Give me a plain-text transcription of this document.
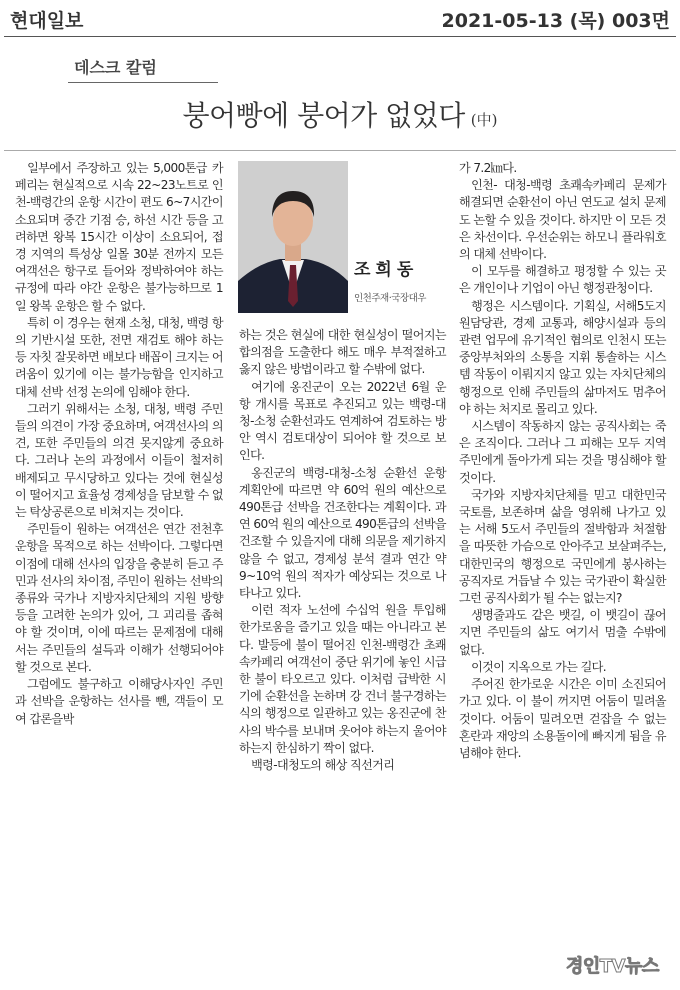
현대일보	2021-05-13 (목) 003면
데스크 칼럼
붕어빵에 붕어가 없었다 (中)

일부에서 주장하고 있는 5,000톤급 카페리는 현실적으로 시속 22~23노트로 인천-백령간의 운항 시간이 편도 6~7시간이 소요되며 중간 기점 승, 하선 시간 등을 고려하면 왕복 15시간 이상이 소요되어, 접경 지역의 특성상 일몰 30분 전까지 모든 여객선은 항구로 들어와 정박하여야 하는 규정에 따라 야간 운항은 불가능하므로 1일 왕복 운항은 할 수 없다.

특히 이 경우는 현재 소청, 대청, 백령 항의 기반시설 또한, 전면 재검토 해야 하는 등 자칫 잘못하면 배보다 배꼽이 크지는 어려움이 있기에 이는 불가능함을 인지하고 대체 선박 선정 논의에 임해야 한다.

그러기 위해서는 소청, 대청, 백령 주민들의 의견이 가장 중요하며, 여객선사의 의견, 또한 주민들의 의견 못지않게 중요하다. 그러나 논의 과정에서 이들이 철저히 배제되고 무시당하고 있다는 것에 현실성이 떨어지고 효율성 경제성을 담보할 수 없는 탁상공론으로 비쳐지는 것이다.

주민들이 원하는 여객선은 연간 전천후 운항을 목적으로 하는 선박이다. 그렇다면 이점에 대해 선사의 입장을 충분히 듣고 주민과 선사의 차이점, 주민이 원하는 선박의 종류와 국가나 지방자치단체의 지원 방향 등을 고려한 논의가 있어, 그 괴리를 좁혀야 할 것이며, 이에 따르는 문제점에 대해서는 주민들의 설득과 이해가 선행되어야 할 것으로 본다.

그럼에도 불구하고 이해당사자인 주민과 선박을 운항하는 선사를 뺀, 객들이 모여 갑론을박

조희동
인천주재·국장대우

하는 것은 현실에 대한 현실성이 떨어지는 합의점을 도출한다 해도 매우 부적절하고 옳지 않은 방법이라고 할 수밖에 없다.

여기에 옹진군이 오는 2022년 6월 운항 개시를 목표로 추진되고 있는 백령-대청-소청 순환선과도 연계하여 검토하는 방안 역시 검토대상이 되어야 할 것으로 보인다.

옹진군의 백령-대청-소청 순환선 운항 계획안에 따르면 약 60억 원의 예산으로 490톤급 선박을 건조한다는 계획이다. 과연 60억 원의 예산으로 490톤급의 선박을 건조할 수 있을지에 대해 의문을 제기하지 않을 수 없고, 경제성 분석 결과 연간 약 9~10억 원의 적자가 예상되는 것으로 나타나고 있다.

이런 적자 노선에 수십억 원을 투입해 한가로움을 즐기고 있을 때는 아니라고 본다. 발등에 불이 떨어진 인천-백령간 초쾌속카페리 여객선이 중단 위기에 놓인 시급한 불이 타오르고 있다. 이처럼 급박한 시기에 순환선을 논하며 강 건너 불구경하는 식의 행정으로 일관하고 있는 옹진군에 찬사의 박수를 보내며 웃어야 하는지 울어야 하는지 한심하기 짝이 없다.

백령-대청도의 해상 직선거리

가 7.2㎞다.

인천- 대청-백령 초쾌속카페리 문제가 해결되면 순환선이 아닌 연도교 설치 문제도 논할 수 있을 것이다. 하지만 이 모든 것은 차선이다. 우선순위는 하모니 플라워호의 대체 선박이다.

이 모두를 해결하고 평정할 수 있는 곳은 개인이나 기업이 아닌 행정관청이다.

행정은 시스템이다. 기획실, 서해5도지원담당관, 경제 교통과, 해양시설과 등의 관련 업무에 유기적인 협의로 인천시 또는 중앙부처와의 소통을 지휘 통솔하는 시스템 작동이 이뤄지지 않고 있는 자치단체의 행정으로 인해 주민들의 삶마저도 멈추어야 하는 처지로 몰리고 있다.

시스템이 작동하지 않는 공직사회는 죽은 조직이다. 그러나 그 피해는 모두 지역주민에게 돌아가게 되는 것을 명심해야 할 것이다.

국가와 지방자치단체를 믿고 대한민국 국토를, 보존하며 삶을 영위해 나가고 있는 서해 5도서 주민들의 절박함과 처절함을 따뜻한 가슴으로 안아주고 보살펴주는, 대한민국의 행정으로 국민에게 봉사하는 공직자로 거듭날 수 있는 국가관이 확실한 그런 공직사회가 될 수는 없는지?

생명줄과도 같은 뱃길, 이 뱃길이 끊어지면 주민들의 삶도 여기서 멈출 수밖에 없다.

이것이 지옥으로 가는 길다.

주어진 한가로운 시간은 이미 소진되어 가고 있다. 이 불이 꺼지면 어둠이 밀려올 것이다. 어둠이 밀려오면 걷잡을 수 없는 혼란과 재앙의 소용돌이에 빠지게 됨을 유념해야 한다.

경인TV뉴스
